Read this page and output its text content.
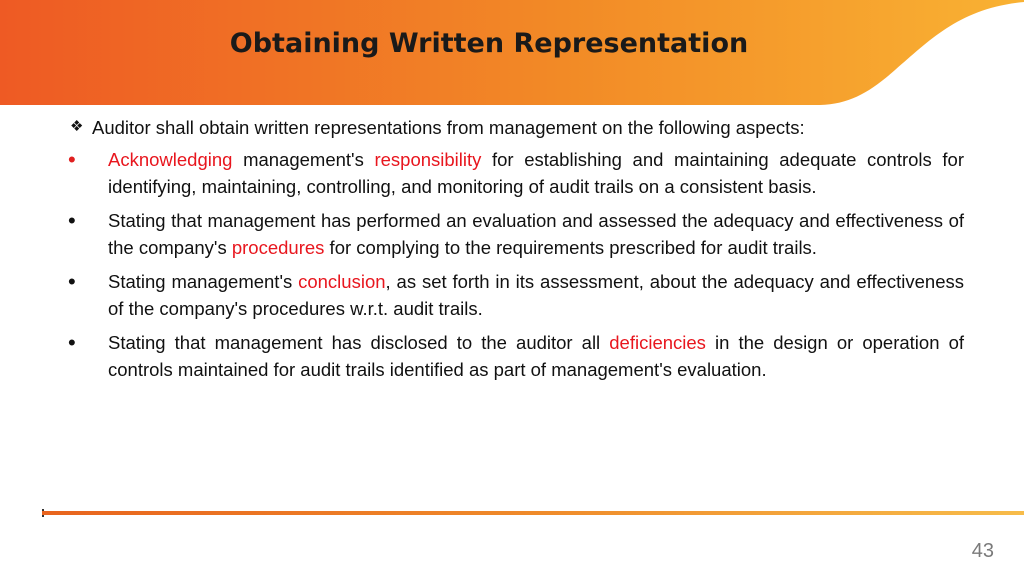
Obtaining Written Representation
❖ Auditor shall obtain written representations from management on the following aspects:
• Acknowledging management's responsibility for establishing and maintaining adequate controls for identifying, maintaining, controlling, and monitoring of audit trails on a consistent basis.
• Stating that management has performed an evaluation and assessed the adequacy and effectiveness of the company's procedures for complying to the requirements prescribed for audit trails.
• Stating management's conclusion, as set forth in its assessment, about the adequacy and effectiveness of the company's procedures w.r.t. audit trails.
• Stating that management has disclosed to the auditor all deficiencies in the design or operation of controls maintained for audit trails identified as part of management's evaluation.
43
